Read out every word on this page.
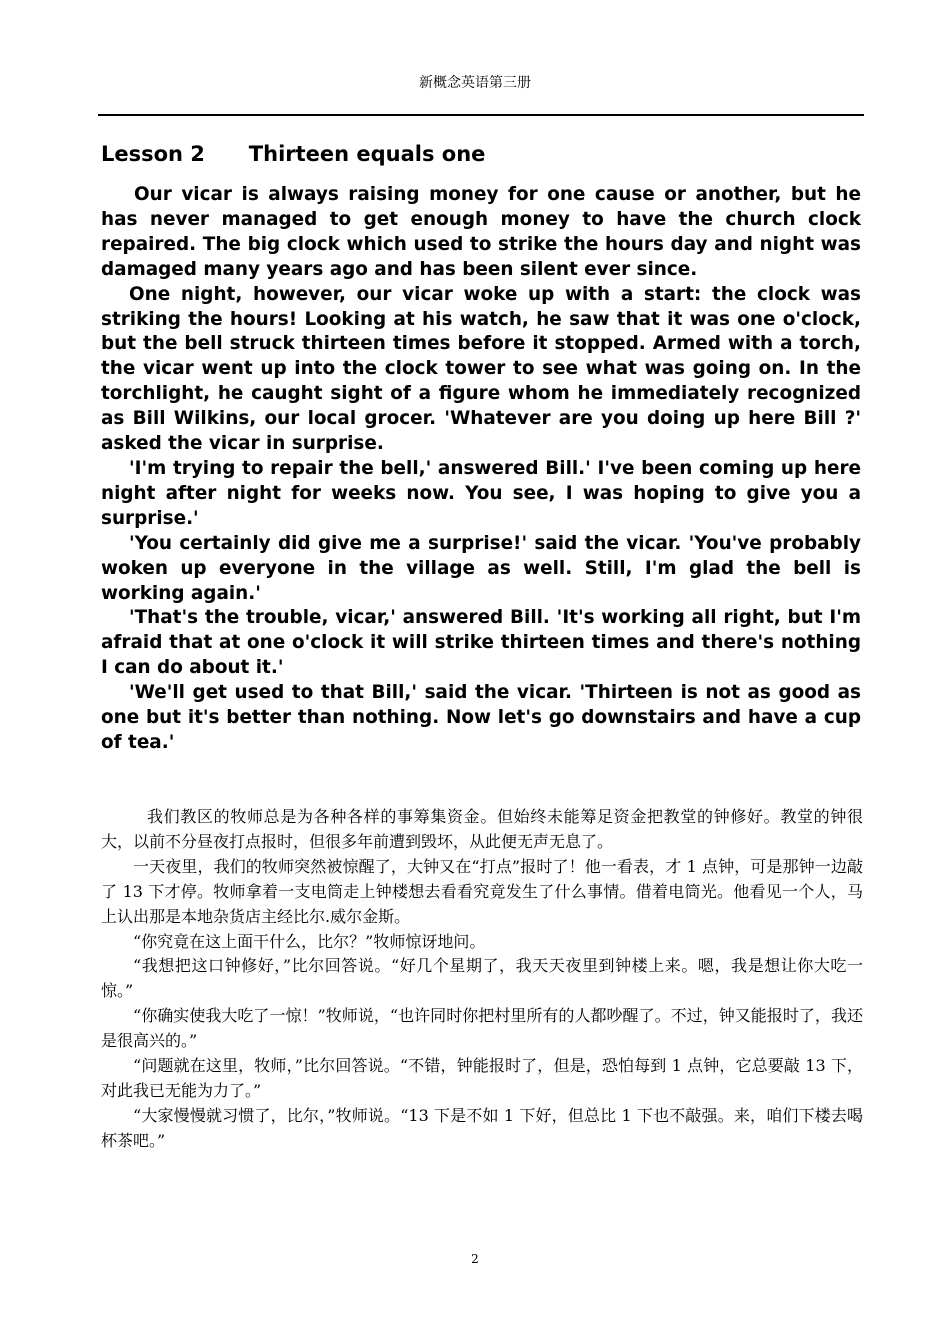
新概念英语第三册
Lesson 2      Thirteen equals one

Our vicar is always raising money for one cause or another, but he has never managed to get enough money to have the church clock repaired. The big clock which used to strike the hours day and night was damaged many years ago and has been silent ever since.

One night, however, our vicar woke up with a start: the clock was striking the hours! Looking at his watch, he saw that it was one o'clock, but the bell struck thirteen times before it stopped. Armed with a torch, the vicar went up into the clock tower to see what was going on. In the torchlight, he caught sight of a figure whom he immediately recognized as Bill Wilkins, our local grocer. 'Whatever are you doing up here Bill ?' asked the vicar in surprise.

'I'm trying to repair the bell,' answered Bill.' I've been coming up here night after night for weeks now. You see, I was hoping to give you a surprise.'

'You certainly did give me a surprise!' said the vicar. 'You've probably woken up everyone in the village as well. Still, I'm glad the bell is working again.'

'That's the trouble, vicar,' answered Bill. 'It's working all right, but I'm afraid that at one o'clock it will strike thirteen times and there's nothing I can do about it.'

'We'll get used to that Bill,' said the vicar. 'Thirteen is not as good as one but it's better than nothing. Now let's go downstairs and have a cup of tea.'

我们教区的牧师总是为各种各样的事筹集资金。但始终未能筹足资金把教堂的钟修好。教堂的钟很大，以前不分昼夜打点报时，但很多年前遭到毁坏，从此便无声无息了。

一天夜里，我们的牧师突然被惊醒了，大钟又在“打点”报时了！他一看表，才 1 点钟，可是那钟一边敲了 13 下才停。牧师拿着一支电筒走上钟楼想去看看究竟发生了什么事情。借着电筒光。他看见一个人，马上认出那是本地杂货店主经比尔.威尔金斯。

“你究竟在这上面干什么，比尔？”牧师惊讶地问。

“我想把这口钟修好，”比尔回答说。“好几个星期了，我天天夜里到钟楼上来。嗯，我是想让你大吃一惊。”

“你确实使我大吃了一惊！”牧师说，“也许同时你把村里所有的人都吵醒了。不过，钟又能报时了，我还是很高兴的。”

“问题就在这里，牧师，”比尔回答说。“不错，钟能报时了，但是，恐怕每到 1 点钟，它总要敲 13 下，对此我已无能为力了。”

“大家慢慢就习惯了，比尔，”牧师说。“13 下是不如 1 下好，但总比 1 下也不敲强。来，咱们下楼去喝杯茶吧。”

2
